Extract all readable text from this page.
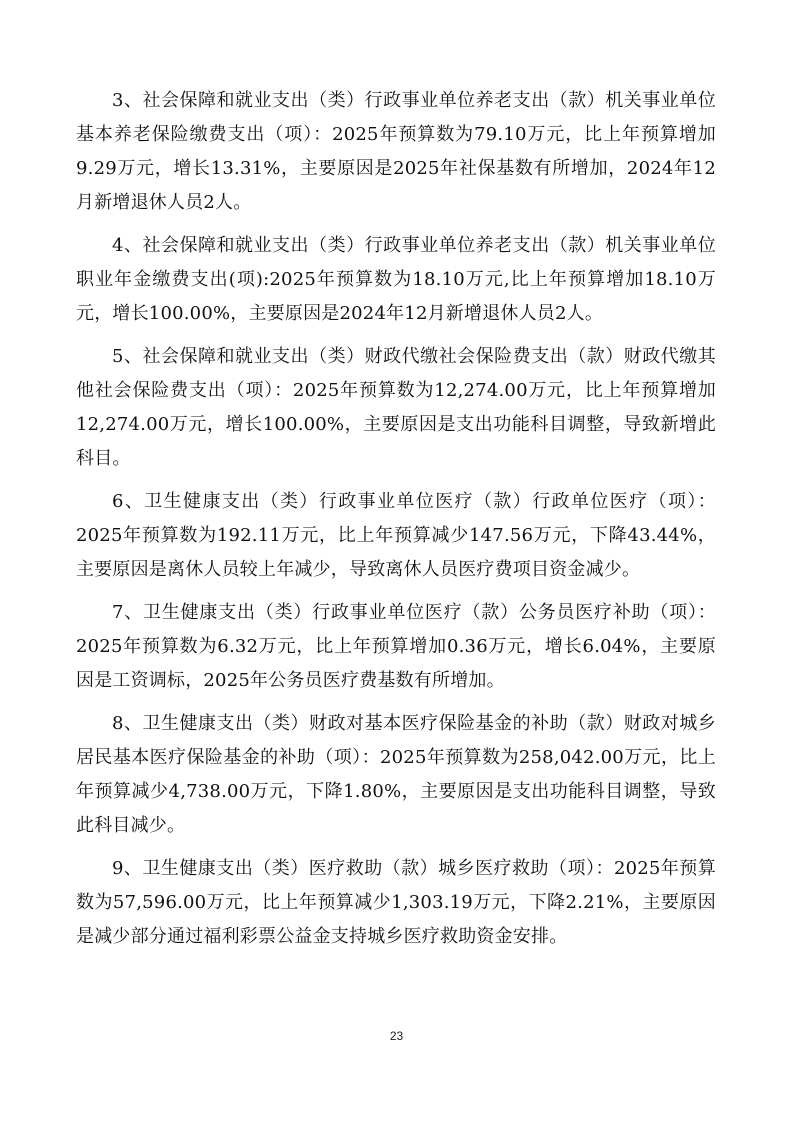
3、社会保障和就业支出（类）行政事业单位养老支出（款）机关事业单位基本养老保险缴费支出（项）：2025年预算数为79.10万元，比上年预算增加9.29万元，增长13.31%，主要原因是2025年社保基数有所增加，2024年12月新增退休人员2人。

4、社会保障和就业支出（类）行政事业单位养老支出（款）机关事业单位职业年金缴费支出(项):2025年预算数为18.10万元,比上年预算增加18.10万元，增长100.00%，主要原因是2024年12月新增退休人员2人。

5、社会保障和就业支出（类）财政代缴社会保险费支出（款）财政代缴其他社会保险费支出（项）：2025年预算数为12,274.00万元，比上年预算增加12,274.00万元，增长100.00%，主要原因是支出功能科目调整，导致新增此科目。

6、卫生健康支出（类）行政事业单位医疗（款）行政单位医疗（项）：2025年预算数为192.11万元，比上年预算减少147.56万元，下降43.44%，主要原因是离休人员较上年减少，导致离休人员医疗费项目资金减少。

7、卫生健康支出（类）行政事业单位医疗（款）公务员医疗补助（项）：2025年预算数为6.32万元，比上年预算增加0.36万元，增长6.04%，主要原因是工资调标，2025年公务员医疗费基数有所增加。

8、卫生健康支出（类）财政对基本医疗保险基金的补助（款）财政对城乡居民基本医疗保险基金的补助（项）：2025年预算数为258,042.00万元，比上年预算减少4,738.00万元，下降1.80%，主要原因是支出功能科目调整，导致此科目减少。

9、卫生健康支出（类）医疗救助（款）城乡医疗救助（项）：2025年预算数为57,596.00万元，比上年预算减少1,303.19万元，下降2.21%，主要原因是减少部分通过福利彩票公益金支持城乡医疗救助资金安排。

23
